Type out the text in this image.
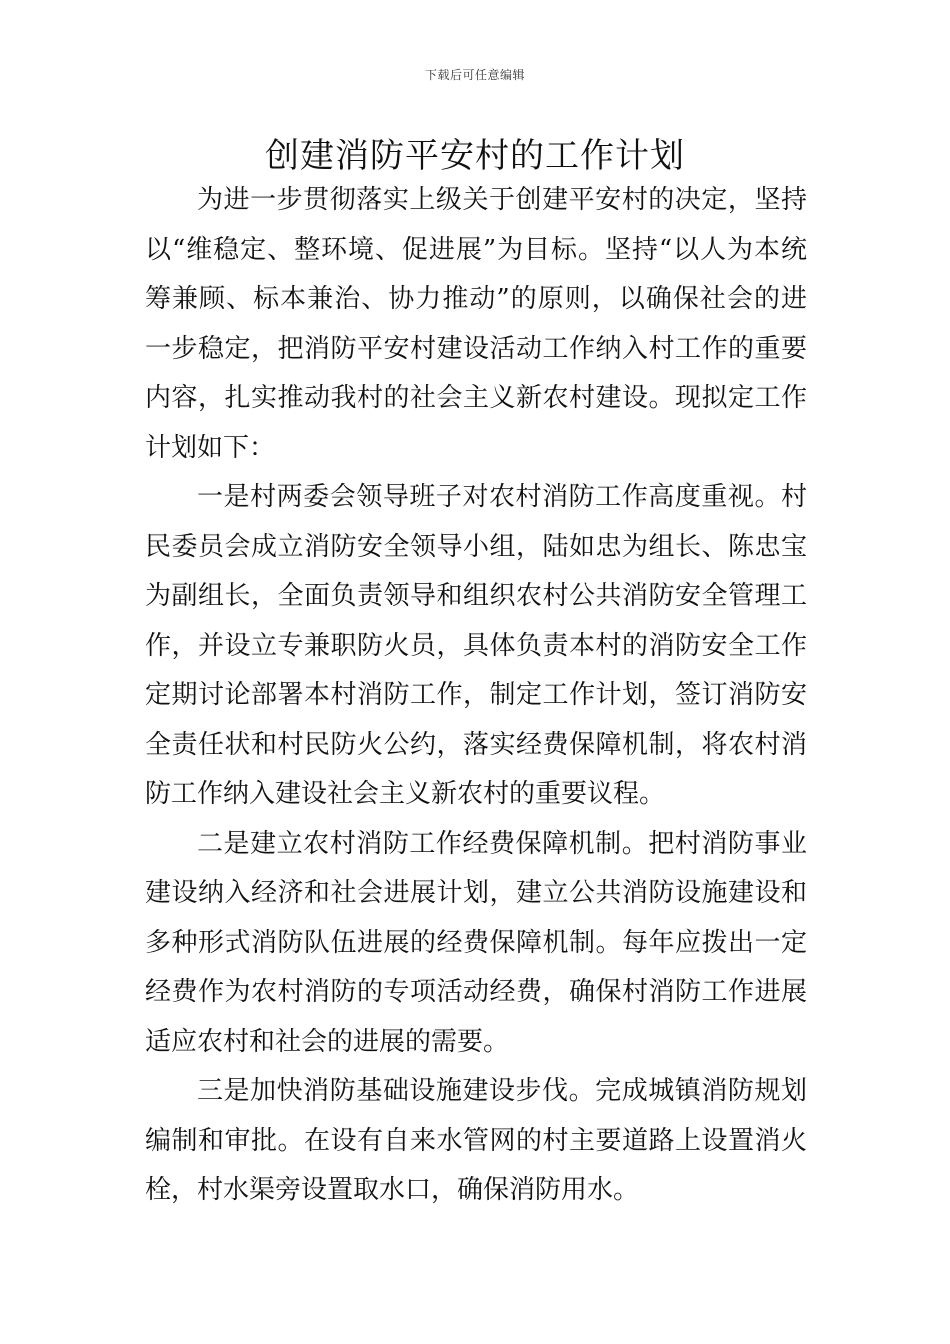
下载后可任意编辑
创建消防平安村的工作计划

为进一步贯彻落实上级关于创建平安村的决定，坚持以“维稳定、整环境、促进展”为目标。坚持“以人为本统筹兼顾、标本兼治、协力推动”的原则，以确保社会的进一步稳定，把消防平安村建设活动工作纳入村工作的重要内容，扎实推动我村的社会主义新农村建设。现拟定工作计划如下：

一是村两委会领导班子对农村消防工作高度重视。村民委员会成立消防安全领导小组，陆如忠为组长、陈忠宝为副组长，全面负责领导和组织农村公共消防安全管理工作，并设立专兼职防火员，具体负责本村的消防安全工作定期讨论部署本村消防工作，制定工作计划，签订消防安全责任状和村民防火公约，落实经费保障机制，将农村消防工作纳入建设社会主义新农村的重要议程。

二是建立农村消防工作经费保障机制。把村消防事业建设纳入经济和社会进展计划，建立公共消防设施建设和多种形式消防队伍进展的经费保障机制。每年应拨出一定经费作为农村消防的专项活动经费，确保村消防工作进展适应农村和社会的进展的需要。

三是加快消防基础设施建设步伐。完成城镇消防规划编制和审批。在设有自来水管网的村主要道路上设置消火栓，村水渠旁设置取水口，确保消防用水。
